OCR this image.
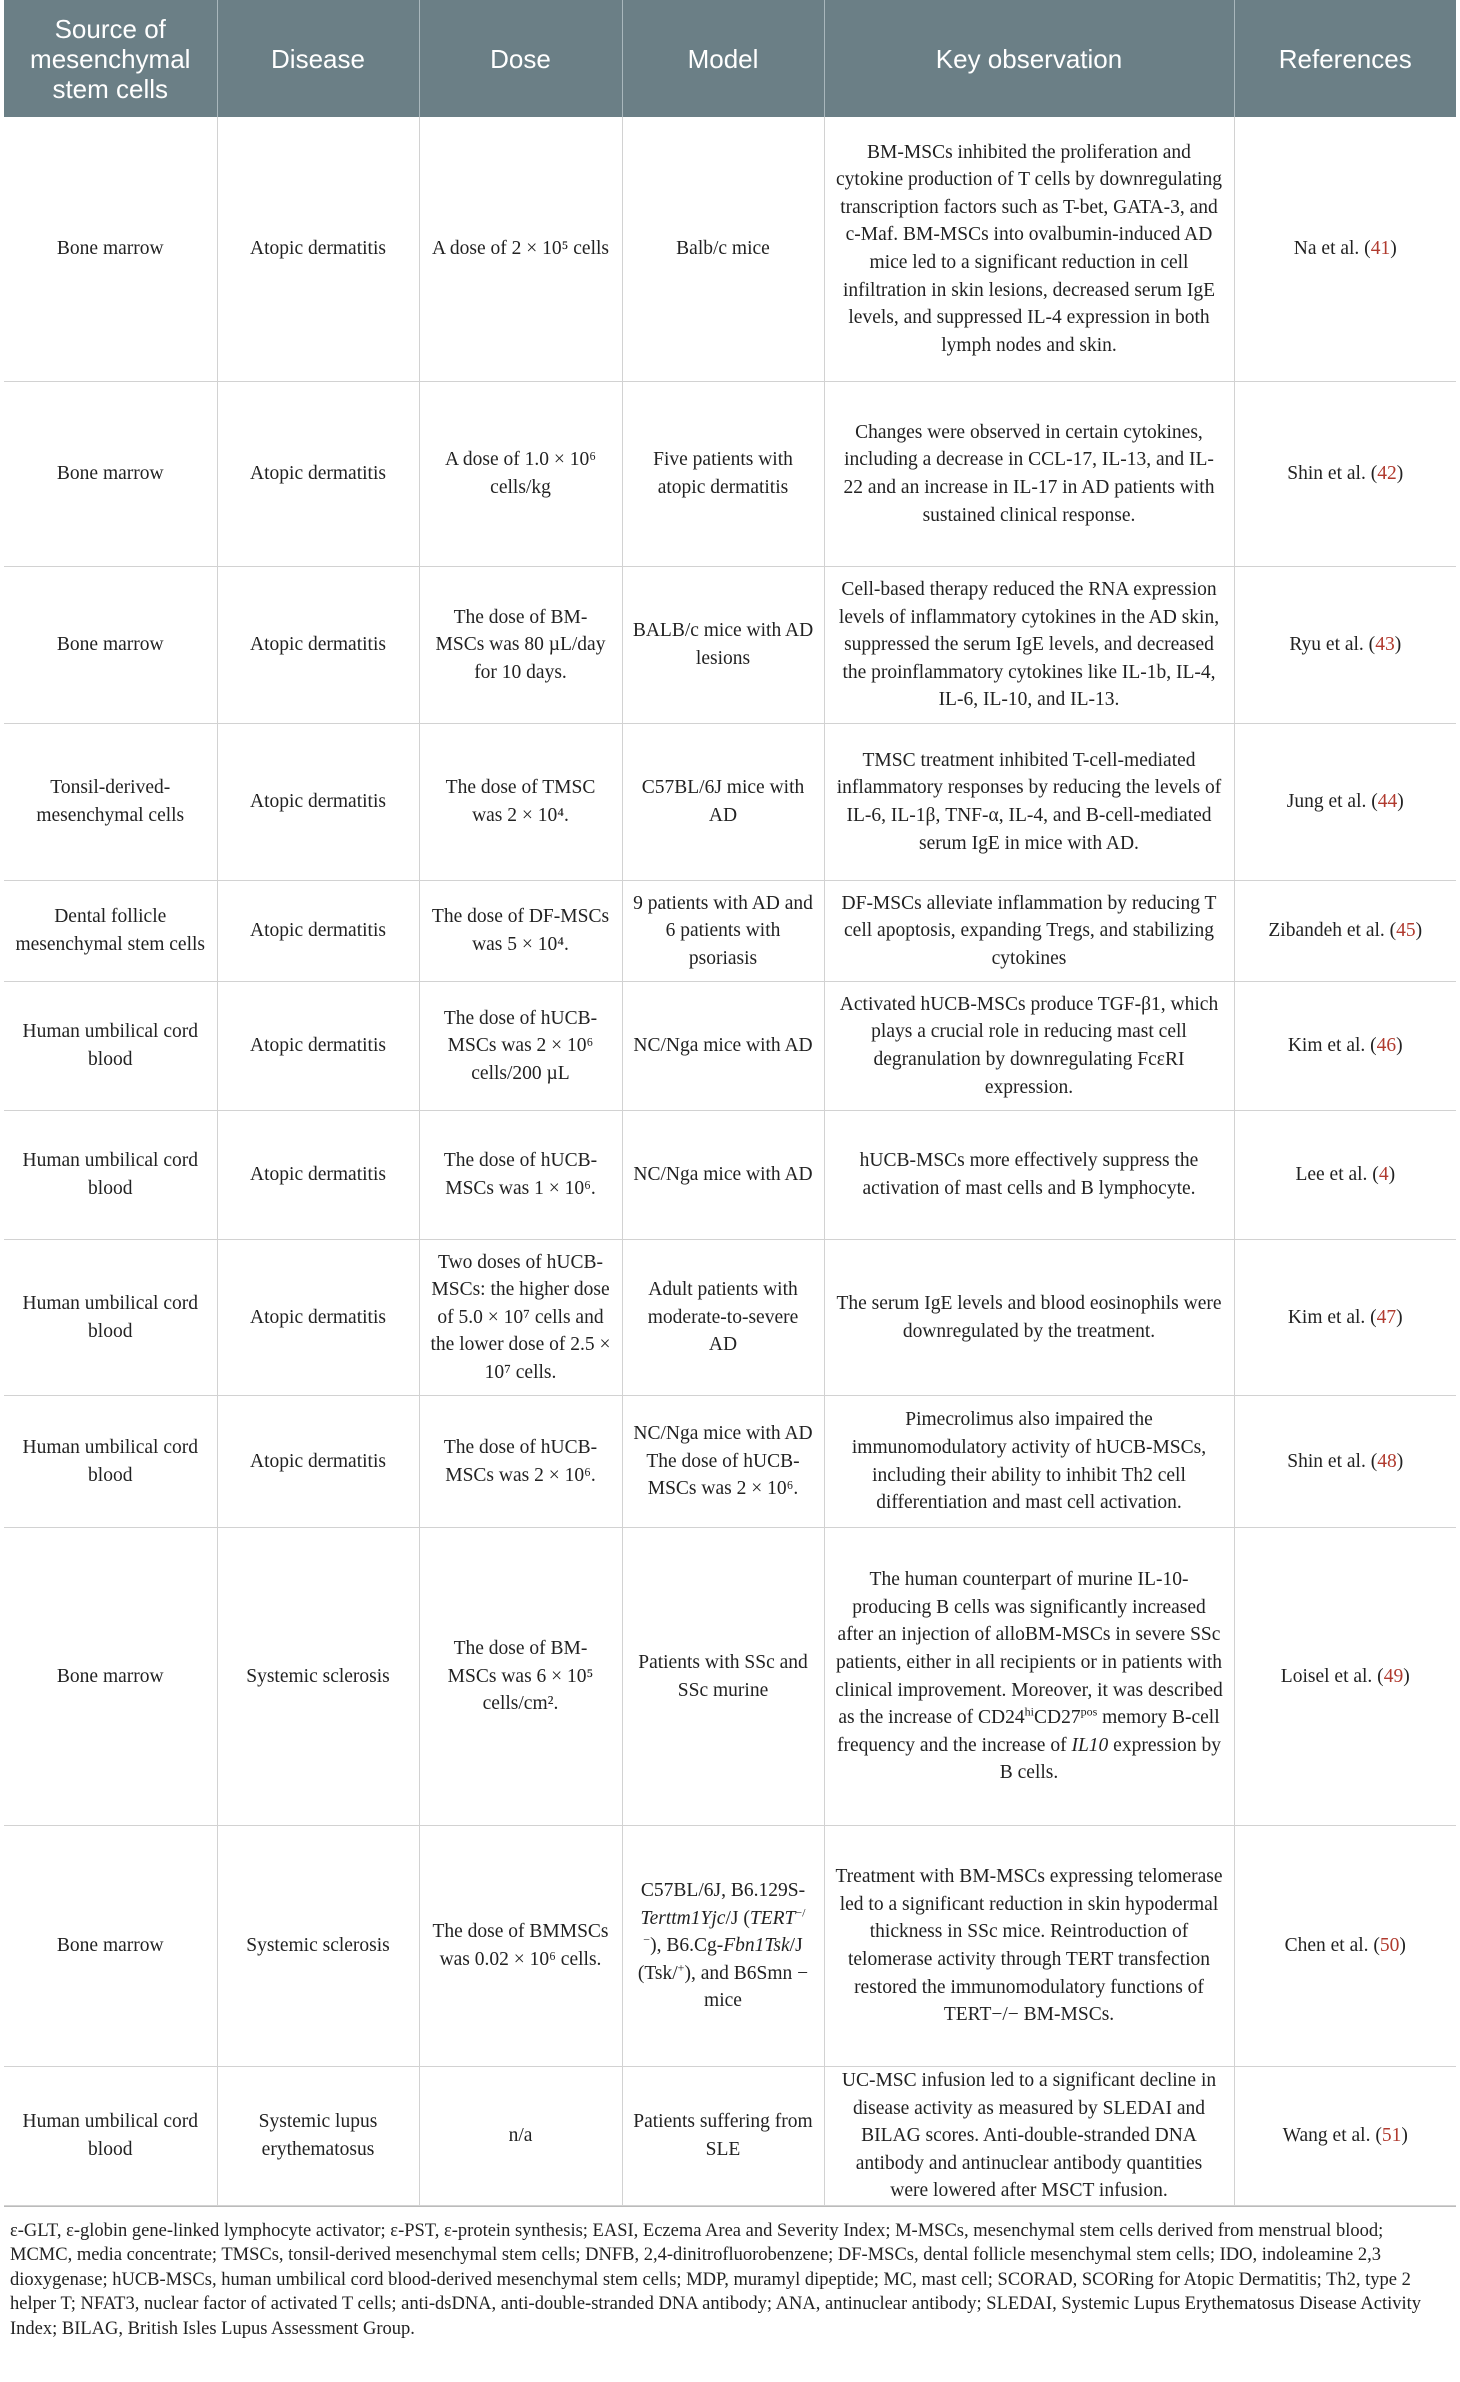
Source of mesenchymal stem cells	Disease	Dose	Model	Key observation	References
Bone marrow	Atopic dermatitis	A dose of 2 × 10⁵ cells	Balb/c mice	BM-MSCs inhibited the proliferation and cytokine production of T cells by downregulating transcription factors such as T-bet, GATA-3, and c-Maf. BM-MSCs into ovalbumin-induced AD mice led to a significant reduction in cell infiltration in skin lesions, decreased serum IgE levels, and suppressed IL-4 expression in both lymph nodes and skin.	Na et al. (41)
Bone marrow	Atopic dermatitis	A dose of 1.0 × 10⁶ cells/kg	Five patients with atopic dermatitis	Changes were observed in certain cytokines, including a decrease in CCL-17, IL-13, and IL-22 and an increase in IL-17 in AD patients with sustained clinical response.	Shin et al. (42)
Bone marrow	Atopic dermatitis	The dose of BM-MSCs was 80 µL/day for 10 days.	BALB/c mice with AD lesions	Cell-based therapy reduced the RNA expression levels of inflammatory cytokines in the AD skin, suppressed the serum IgE levels, and decreased the proinflammatory cytokines like IL-1b, IL-4, IL-6, IL-10, and IL-13.	Ryu et al. (43)
Tonsil-derived-mesenchymal cells	Atopic dermatitis	The dose of TMSC was 2 × 10⁴.	C57BL/6J mice with AD	TMSC treatment inhibited T-cell-mediated inflammatory responses by reducing the levels of IL-6, IL-1β, TNF-α, IL-4, and B-cell-mediated serum IgE in mice with AD.	Jung et al. (44)
Dental follicle mesenchymal stem cells	Atopic dermatitis	The dose of DF-MSCs was 5 × 10⁴.	9 patients with AD and 6 patients with psoriasis	DF-MSCs alleviate inflammation by reducing T cell apoptosis, expanding Tregs, and stabilizing cytokines	Zibandeh et al. (45)
Human umbilical cord blood	Atopic dermatitis	The dose of hUCB-MSCs was 2 × 10⁶ cells/200 µL	NC/Nga mice with AD	Activated hUCB-MSCs produce TGF-β1, which plays a crucial role in reducing mast cell degranulation by downregulating FcεRI expression.	Kim et al. (46)
Human umbilical cord blood	Atopic dermatitis	The dose of hUCB-MSCs was 1 × 10⁶.	NC/Nga mice with AD	hUCB-MSCs more effectively suppress the activation of mast cells and B lymphocyte.	Lee et al. (4)
Human umbilical cord blood	Atopic dermatitis	Two doses of hUCB-MSCs: the higher dose of 5.0 × 10⁷ cells and the lower dose of 2.5 × 10⁷ cells.	Adult patients with moderate-to-severe AD	The serum IgE levels and blood eosinophils were downregulated by the treatment.	Kim et al. (47)
Human umbilical cord blood	Atopic dermatitis	The dose of hUCB-MSCs was 2 × 10⁶.	NC/Nga mice with AD The dose of hUCB-MSCs was 2 × 10⁶.	Pimecrolimus also impaired the immunomodulatory activity of hUCB-MSCs, including their ability to inhibit Th2 cell differentiation and mast cell activation.	Shin et al. (48)
Bone marrow	Systemic sclerosis	The dose of BM-MSCs was 6 × 10⁵ cells/cm².	Patients with SSc and SSc murine	The human counterpart of murine IL-10-producing B cells was significantly increased after an injection of alloBM-MSCs in severe SSc patients, either in all recipients or in patients with clinical improvement. Moreover, it was described as the increase of $CD24^{hi}CD27^{pos}$ memory B-cell frequency and the increase of IL10 expression by B cells.	Loisel et al. (49)
Bone marrow	Systemic sclerosis	The dose of BMMSCs was 0.02 × 10⁶ cells.	C57BL/6J, B6.129S-Terttm1Yjc/J (TERT−/−), B6.Cg-Fbn1Tsk/J (Tsk/+), and B6Smn − mice	Treatment with BM-MSCs expressing telomerase led to a significant reduction in skin hypodermal thickness in SSc mice. Reintroduction of telomerase activity through TERT transfection restored the immunomodulatory functions of TERT−/− BM-MSCs.	Chen et al. (50)
Human umbilical cord blood	Systemic lupus erythematosus	n/a	Patients suffering from SLE	UC-MSC infusion led to a significant decline in disease activity as measured by SLEDAI and BILAG scores. Anti-double-stranded DNA antibody and antinuclear antibody quantities were lowered after MSCT infusion.	Wang et al. (51)
ε-GLT, ε-globin gene-linked lymphocyte activator; ε-PST, ε-protein synthesis; EASI, Eczema Area and Severity Index; M-MSCs, mesenchymal stem cells derived from menstrual blood; MCMC, media concentrate; TMSCs, tonsil-derived mesenchymal stem cells; DNFB, 2,4-dinitrofluorobenzene; DF-MSCs, dental follicle mesenchymal stem cells; IDO, indoleamine 2,3 dioxygenase; hUCB-MSCs, human umbilical cord blood-derived mesenchymal stem cells; MDP, muramyl dipeptide; MC, mast cell; SCORAD, SCORing for Atopic Dermatitis; Th2, type 2 helper T; NFAT3, nuclear factor of activated T cells; anti-dsDNA, anti-double-stranded DNA antibody; ANA, antinuclear antibody; SLEDAI, Systemic Lupus Erythematosus Disease Activity Index; BILAG, British Isles Lupus Assessment Group.
